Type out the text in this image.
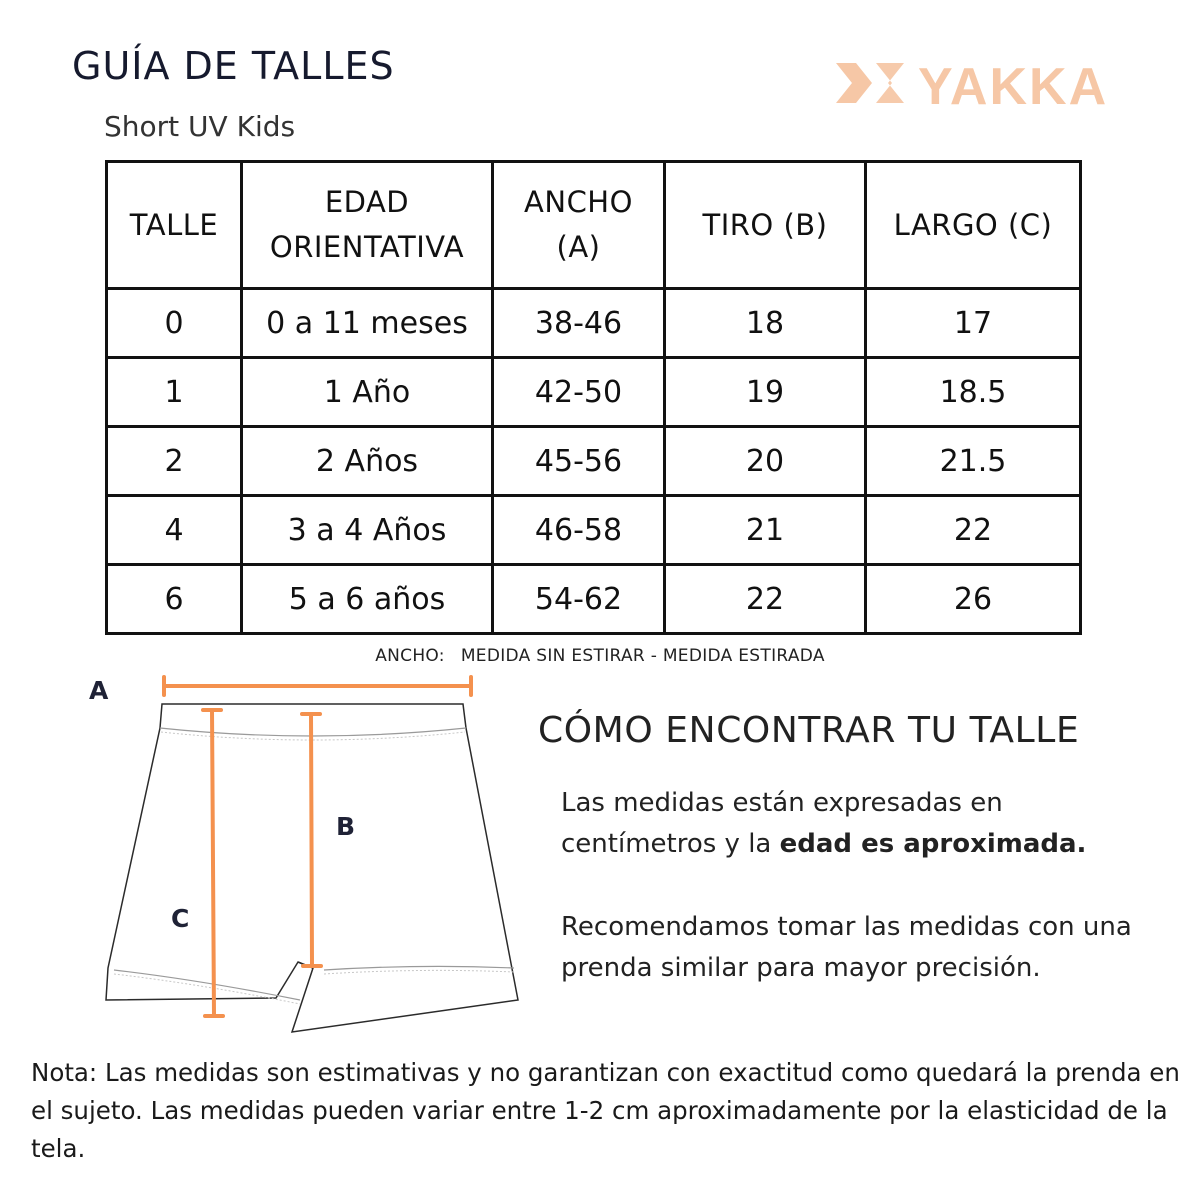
GUÍA DE TALLES
Short UV Kids
YAKKA
TALLE	EDAD ORIENTATIVA	ANCHO (A)	TIRO (B)	LARGO (C)

0	0 a 11 meses	38-46	18	17
1	1 Año	42-50	19	18.5
2	2 Años	45-56	20	21.5
4	3 a 4 Años	46-58	21	22
6	5 a 6 años	54-62	22	26
ANCHO: MEDIDA SIN ESTIRAR - MEDIDA ESTIRADA
A
B
C
CÓMO ENCONTRAR TU TALLE
Las medidas están expresadas en centímetros y la edad es aproximada.
Recomendamos tomar las medidas con una prenda similar para mayor precisión.
Nota: Las medidas son estimativas y no garantizan con exactitud como quedará la prenda en el sujeto. Las medidas pueden variar entre 1-2 cm aproximadamente por la elasticidad de la tela.
